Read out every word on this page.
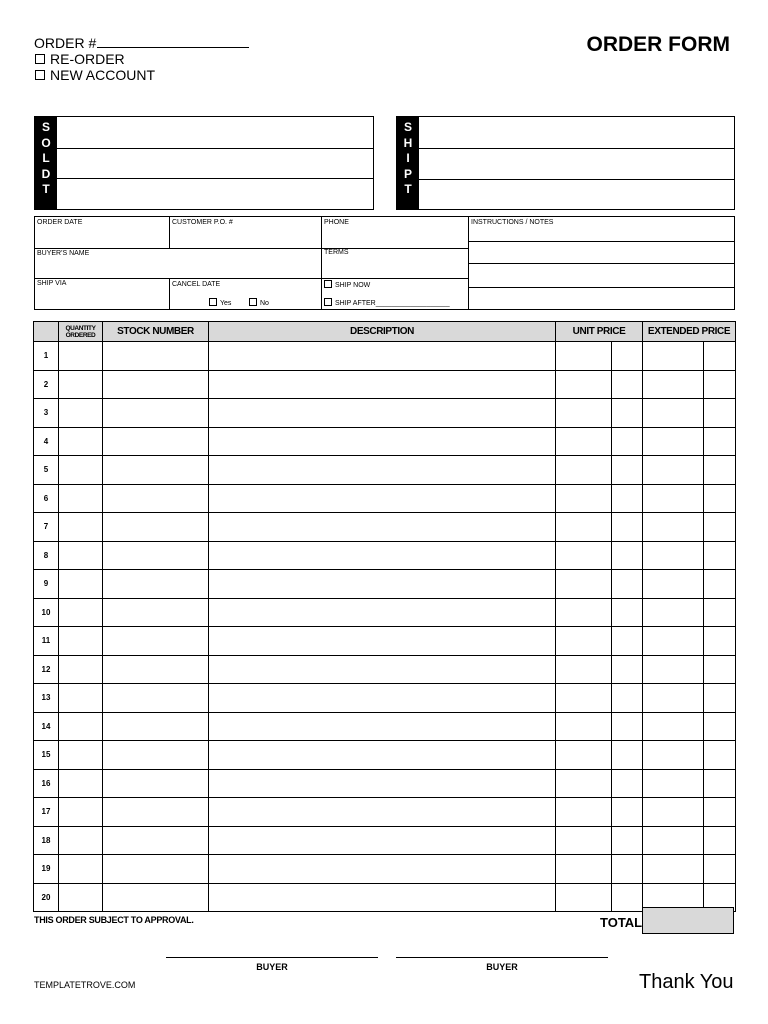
ORDER #
RE-ORDER
NEW ACCOUNT
ORDER FORM
S
O
L
D
T
S
H
I
P
T
ORDER DATE	CUSTOMER P.O. #	PHONE	INSTRUCTIONS / NOTES
BUYER'S NAME	TERMS
SHIP VIA	CANCEL DATE
Yes	No
SHIP NOW
SHIP AFTER___________________
	QUANTITY ORDERED	STOCK NUMBER	DESCRIPTION	UNIT PRICE		EXTENDED PRICE	
1							
2							
3							
4							
5							
6							
7							
8							
9							
10							
11							
12							
13							
14							
15							
16							
17							
18							
19							
20							
THIS ORDER SUBJECT TO APPROVAL.	TOTAL
BUYER	BUYER
TEMPLATETROVE.COM	Thank You
